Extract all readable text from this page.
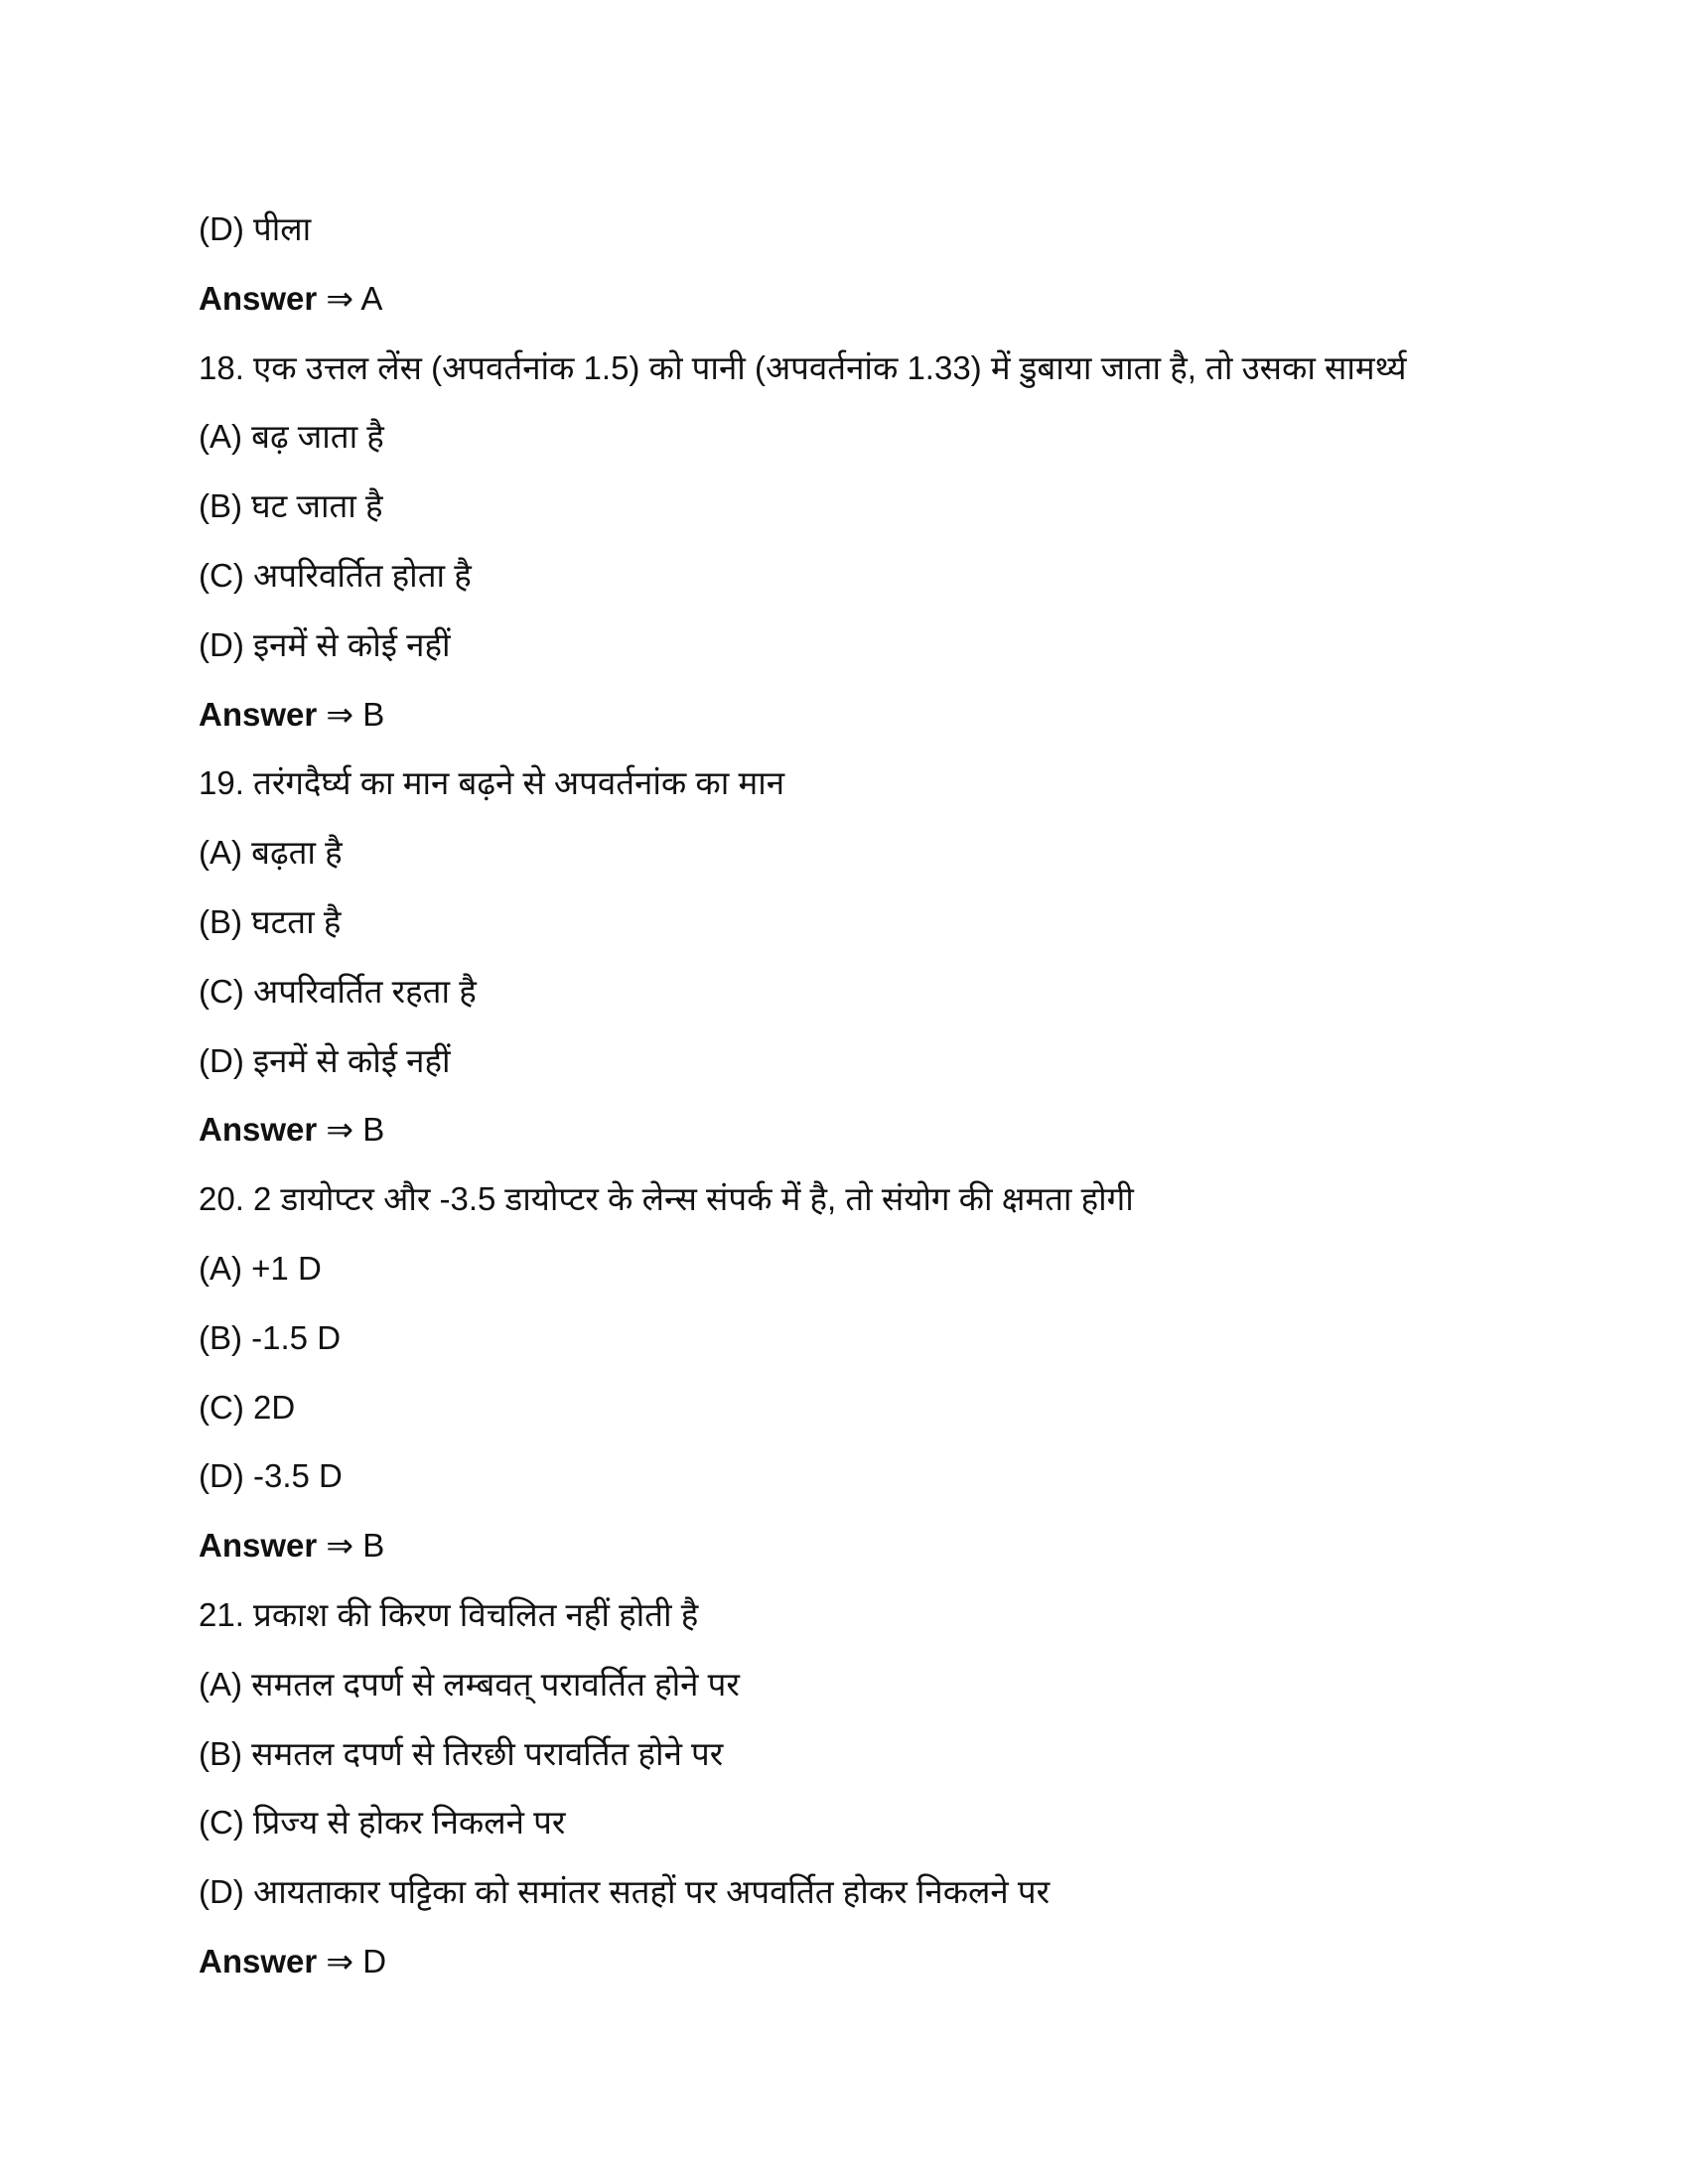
(D) पीला
Answer ⇒ A
18. एक उत्तल लेंस (अपवर्तनांक 1.5) को पानी (अपवर्तनांक 1.33) में डुबाया जाता है, तो उसका सामर्थ्य
(A) बढ़ जाता है
(B) घट जाता है
(C) अपरिवर्तित होता है
(D) इनमें से कोई नहीं
Answer ⇒ B
19. तरंगदैर्घ्य का मान बढ़ने से अपवर्तनांक का मान
(A) बढ़ता है
(B) घटता है
(C) अपरिवर्तित रहता है
(D) इनमें से कोई नहीं
Answer ⇒ B
20. 2 डायोप्टर और -3.5 डायोप्टर के लेन्स संपर्क में है, तो संयोग की क्षमता होगी
(A) +1 D
(B) -1.5 D
(C) 2D
(D) -3.5 D
Answer ⇒ B
21. प्रकाश की किरण विचलित नहीं होती है
(A) समतल दपर्ण से लम्बवत् परावर्तित होने पर
(B) समतल दपर्ण से तिरछी परावर्तित होने पर
(C) प्रिज्य से होकर निकलने पर
(D) आयताकार पट्टिका को समांतर सतहों पर अपवर्तित होकर निकलने पर
Answer ⇒ D
